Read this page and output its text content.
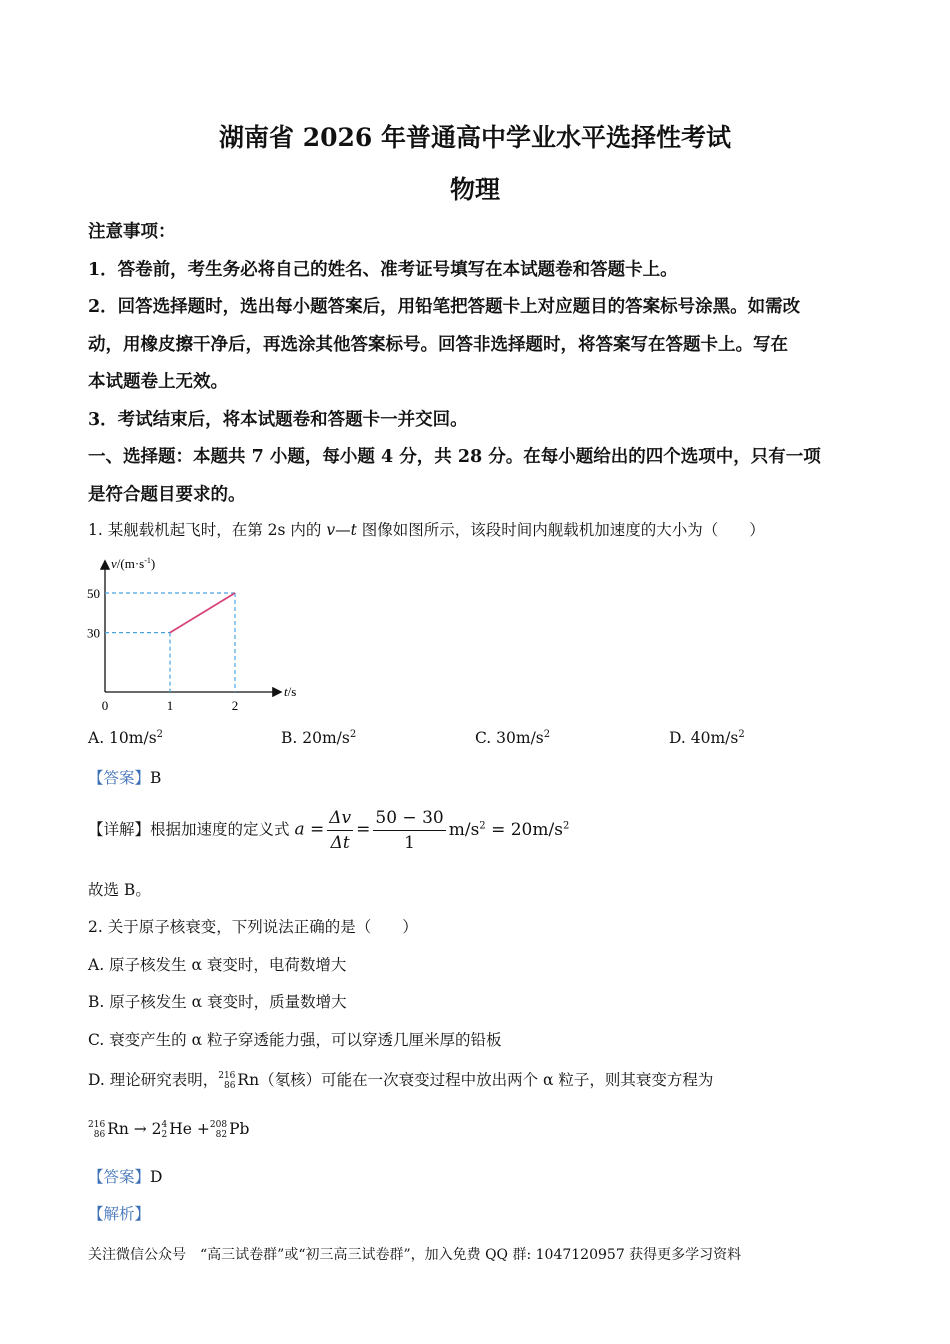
湖南省 2026 年普通高中学业水平选择性考试
物理
注意事项：
1．答卷前，考生务必将自己的姓名、准考证号填写在本试题卷和答题卡上。
2．回答选择题时，选出每小题答案后，用铅笔把答题卡上对应题目的答案标号涂黑。如需改
动，用橡皮擦干净后，再选涂其他答案标号。回答非选择题时，将答案写在答题卡上。写在
本试题卷上无效。
3．考试结束后，将本试题卷和答题卡一并交回。
一、选择题：本题共 7 小题，每小题 4 分，共 28 分。在每小题给出的四个选项中，只有一项
是符合题目要求的。
1. 某舰载机起飞时，在第 2s 内的 v—t 图像如图所示，该段时间内舰载机加速度的大小为（　　）
$v/(m\cdot s^{-1})$
t/s
0	1	2
30
50
A. $10m/s^2$	B. $20m/s^2$	C. $30m/s^2$	D. $40m/s^2$
【答案】B
【详解】根据加速度的定义式 $a = \frac{\Delta v}{\Delta t} = \frac{50 - 30}{1} m/s^2 = 20m/s^2$
故选 B。
2. 关于原子核衰变，下列说法正确的是（　　）
A. 原子核发生 α 衰变时，电荷数增大
B. 原子核发生 α 衰变时，质量数增大
C. 衰变产生的 α 粒子穿透能力强，可以穿透几厘米厚的铅板
D. 理论研究表明， 216
86 Rn（氡核）可能在一次衰变过程中放出两个 α 粒子，则其衰变方程为
216
86 Rn → 2 4
2 He + 208
82 Pb
【答案】D
【解析】
关注微信公众号　“高三试卷群”或“初三高三试卷群”，加入免费 QQ 群: 1047120957 获得更多学习资料
